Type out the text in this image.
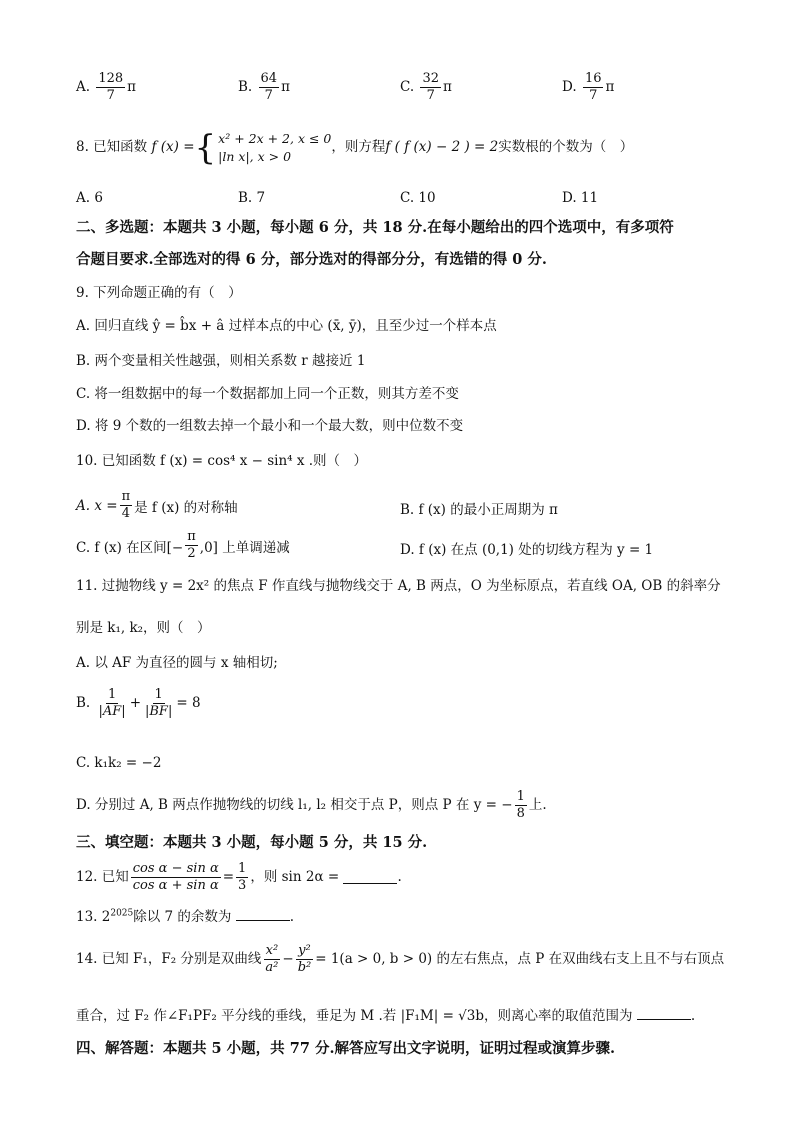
A. $\frac{128}{7}$ π	B. $\frac{64}{7}$ π	C. $\frac{32}{7}$ π	D. $\frac{16}{7}$ π
8. 已知函数
f (x) = { x² + 2x + 2, x ≤ 0
|ln x|, x > 0
，则方程 f ( f (x) − 2 ) = 2 实数根的个数为（　）
A. 6	B. 7	C. 10	D. 11
二、多选题：本题共 3 小题，每小题 6 分，共 18 分.在每小题给出的四个选项中，有多项符
合题目要求.全部选对的得 6 分，部分选对的得部分分，有选错的得 0 分.
9. 下列命题正确的有（　）
A. 回归直线 ŷ = b̂x + â 过样本点的中心 (x̄, ȳ)，且至少过一个样本点
B. 两个变量相关性越强，则相关系数 r 越接近 1
C. 将一组数据中的每一个数据都加上同一个正数，则其方差不变
D. 将 9 个数的一组数去掉一个最小和一个最大数，则中位数不变
10. 已知函数 f (x) = cos⁴ x − sin⁴ x .则（　）
A. $x = \frac{\pi}{4}$ 是 f (x) 的对称轴	B. f (x) 的最小正周期为 π
C. f (x) 在区间[− $\frac{\pi}{2} ,0$] 上单调递减	D. f (x) 在点 (0,1) 处的切线方程为 y = 1
11. 过抛物线 y = 2x² 的焦点 F 作直线与抛物线交于 A, B 两点，O 为坐标原点，若直线 OA, OB 的斜率分
别是 k₁, k₂，则（　）
A. 以 AF 为直径的圆与 x 轴相切;
B.
$\frac{1}{|AF|} + \frac{1}{|BF|} = 8$
C. k₁k₂ = −2
D. 分别过 A, B 两点作抛物线的切线 l₁, l₂ 相交于点 P，则点 P 在 y = − $\frac{1}{8}$ 上.
三、填空题：本题共 3 小题，每小题 5 分，共 15 分.
12. 已知 $\frac{\text{cos α − sin α}}{\text{cos α + sin α}} = \frac{1}{3}$ ，则 sin 2α =
	.
13. $2^{2025}$除以 7 的余数为	.
14. 已知 F₁，F₂ 分别是双曲线 $\frac{\text{x²}}{\text{a²}} - \frac{\text{y²}}{\text{b²}} = 1(a > 0$, b > 0) 的左右焦点，点 P 在双曲线右支上且不与右顶点
重合，过 F₂ 作∠F₁PF₂ 平分线的垂线，垂足为 M .若 |F₁M| = √3b，则离心率的取值范围为	.
四、解答题：本题共 5 小题，共 77 分.解答应写出文字说明，证明过程或演算步骤.
